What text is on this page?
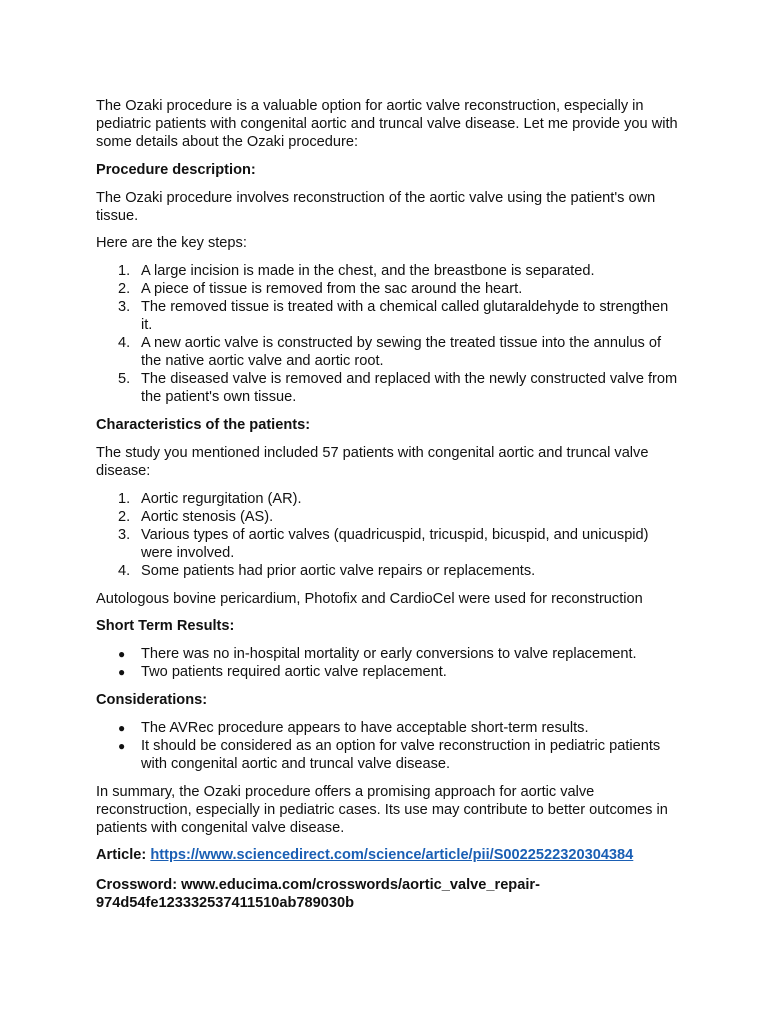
The Ozaki procedure is a valuable option for aortic valve reconstruction, especially in pediatric patients with congenital aortic and truncal valve disease. Let me provide you with some details about the Ozaki procedure:

Procedure description:

The Ozaki procedure involves reconstruction of the aortic valve using the patient's own tissue.

Here are the key steps:

1. A large incision is made in the chest, and the breastbone is separated.
2. A piece of tissue is removed from the sac around the heart.
3. The removed tissue is treated with a chemical called glutaraldehyde to strengthen it.
4. A new aortic valve is constructed by sewing the treated tissue into the annulus of the native aortic valve and aortic root.
5. The diseased valve is removed and replaced with the newly constructed valve from the patient's own tissue.
Characteristics of the patients:

The study you mentioned included 57 patients with congenital aortic and truncal valve disease:

1. Aortic regurgitation (AR).
2. Aortic stenosis (AS).
3. Various types of aortic valves (quadricuspid, tricuspid, bicuspid, and unicuspid) were involved.
4. Some patients had prior aortic valve repairs or replacements.

Autologous bovine pericardium, Photofix and CardioCel were used for reconstruction

Short Term Results:
● There was no in-hospital mortality or early conversions to valve replacement.
● Two patients required aortic valve replacement.
Considerations:
● The AVRec procedure appears to have acceptable short-term results.
● It should be considered as an option for valve reconstruction in pediatric patients with congenital aortic and truncal valve disease.

In summary, the Ozaki procedure offers a promising approach for aortic valve reconstruction, especially in pediatric cases. Its use may contribute to better outcomes in patients with congenital valve disease.

Article: https://www.sciencedirect.com/science/article/pii/S0022522320304384

Crossword: www.educima.com/crosswords/aortic_valve_repair-974d54fe123332537411510ab789030b
